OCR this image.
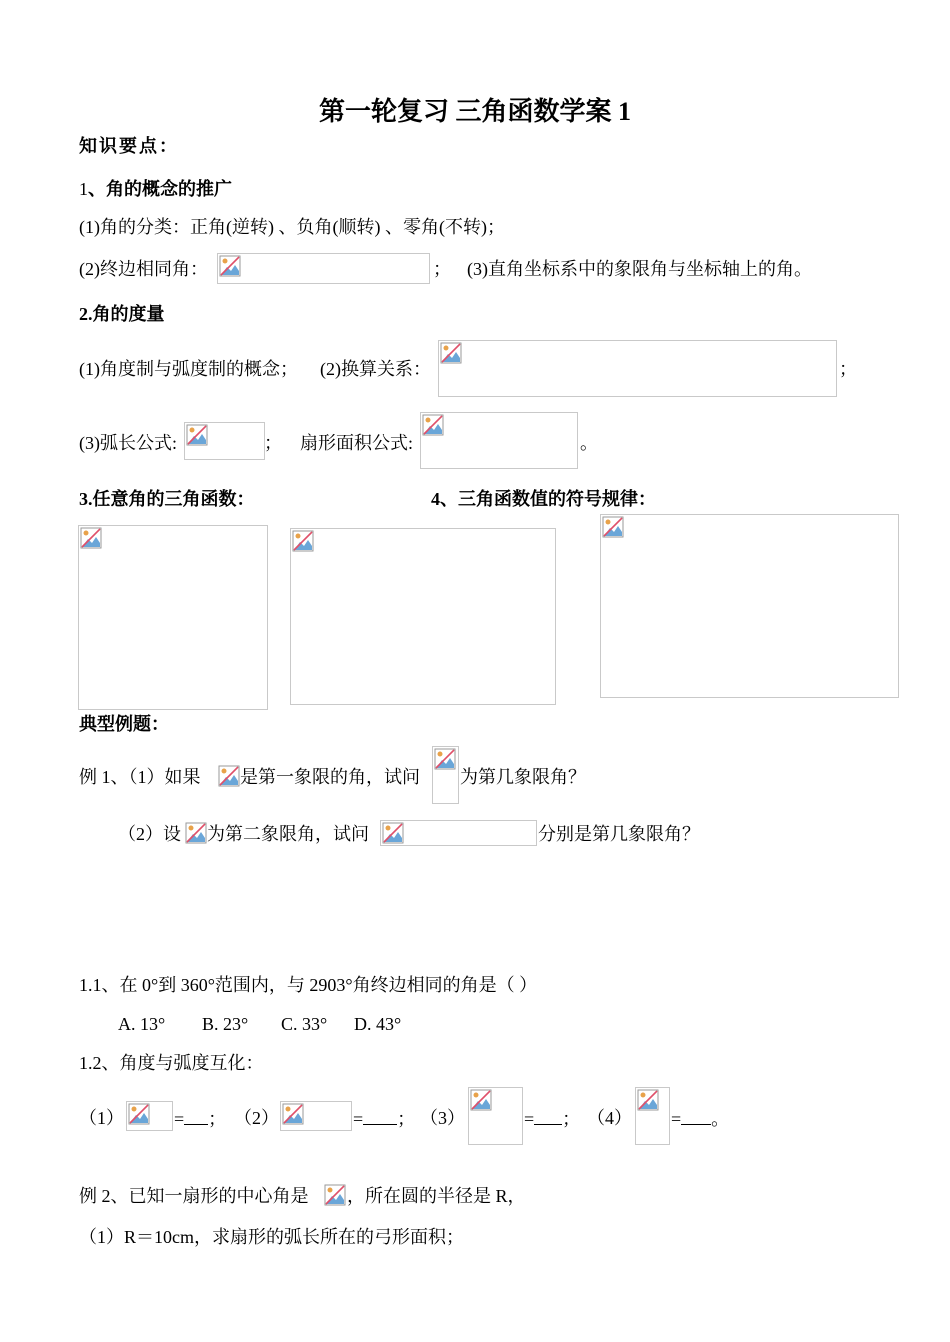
第一轮复习 三角函数学案 1
知识要点：
1、角的概念的推广
(1)角的分类：正角(逆转) 、负角(顺转) 、零角(不转)；
(2)终边相同角：	； (3)直角坐标系中的象限角与坐标轴上的角。
2.角的度量
(1)角度制与弧度制的概念； (2)换算关系：	；
(3)弧长公式:	； 扇形面积公式:	。
3.任意角的三角函数：	4、三角函数值的符号规律：
典型例题：
例 1、（1）如果 是第一象限的角，试问 为第几象限角？
（2）设 为第二象限角，试问	分别是第几象限角？
1.1、在 0°到 360°范围内，与 2903°角终边相同的角是（ ）
A. 13° B. 23° C. 33° D. 43°
1.2、角度与弧度互化：
（1）	= ； （2）	= ； （3）	= ； （4） = 。
例 2、已知一扇形的中心角是 ，所在圆的半径是 R，
（1）R＝10cm，求扇形的弧长所在的弓形面积；
